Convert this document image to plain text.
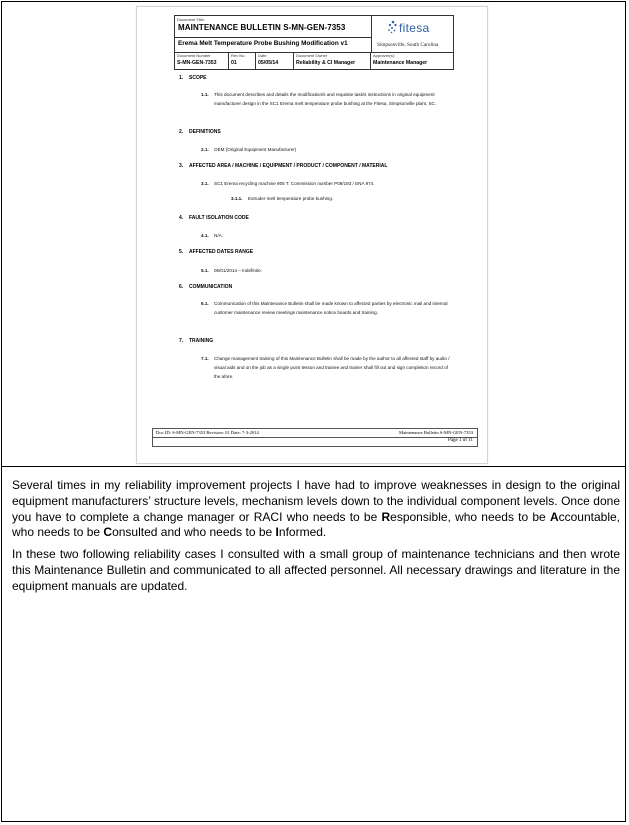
Document Title:
MAINTENANCE BULLETIN S-MN-GEN-7353
Erema Melt Temperature Probe Bushing Modification v1
fitesa
Simpsonville, South Carolina
Document Number
S-MN-GEN-7353
Rev No.
01
Date
05/05/14
Document Owner
Reliability & CI Manager
Approver(s):
Maintenance Manager
1. SCOPE
1.1. This document describes and details the modification/s and requisite task/s instructions in original equipment manufacturer design in the SC1 Erema melt temperature probe bushing at the Fitesa, Simpsonville plant, SC.
2. DEFINITIONS
2.1. OEM (Original Equipment Manufacturer)
3. AFFECTED AREA / MACHINE / EQUIPMENT / PRODUCT / COMPONENT / MATERIAL
3.1. SC1 Erema recycling machine 905 T. Commission number P09/193 / ENA 974.
3.1.1. Extruder melt temperature probe bushing.
4. FAULT ISOLATION CODE
4.1. N/A.
5. AFFECTED DATES RANGE
5.1. 06/01/2014 – Indefinite.
6. COMMUNICATION
6.1. Communication of this Maintenance Bulletin shall be made known to affected parties by electronic mail and internal customer maintenance review meetings maintenance notice boards and training.
7. TRAINING
7.1. Change management training of this Maintenance Bulletin shall be made by the author to all affected staff by audio / visual aids and on the job as a single point lesson and trainee and trainer shall fill out and sign completion record of the afore.
Doc ID: S-MN-GEN-7353 Revision: 01 Date: 7-3-2014	Maintenance Bulletin S-MN-GEN-7353
Page 1 of 11

Several times in my reliability improvement projects I have had to improve weaknesses in design to the original equipment manufacturers’ structure levels, mechanism levels down to the individual component levels. Once done you have to complete a change manager or RACI who needs to be Responsible, who needs to be Accountable, who needs to be Consulted and who needs to be Informed.

In these two following reliability cases I consulted with a small group of maintenance technicians and then wrote this Maintenance Bulletin and communicated to all affected personnel. All necessary drawings and literature in the equipment manuals are updated.
